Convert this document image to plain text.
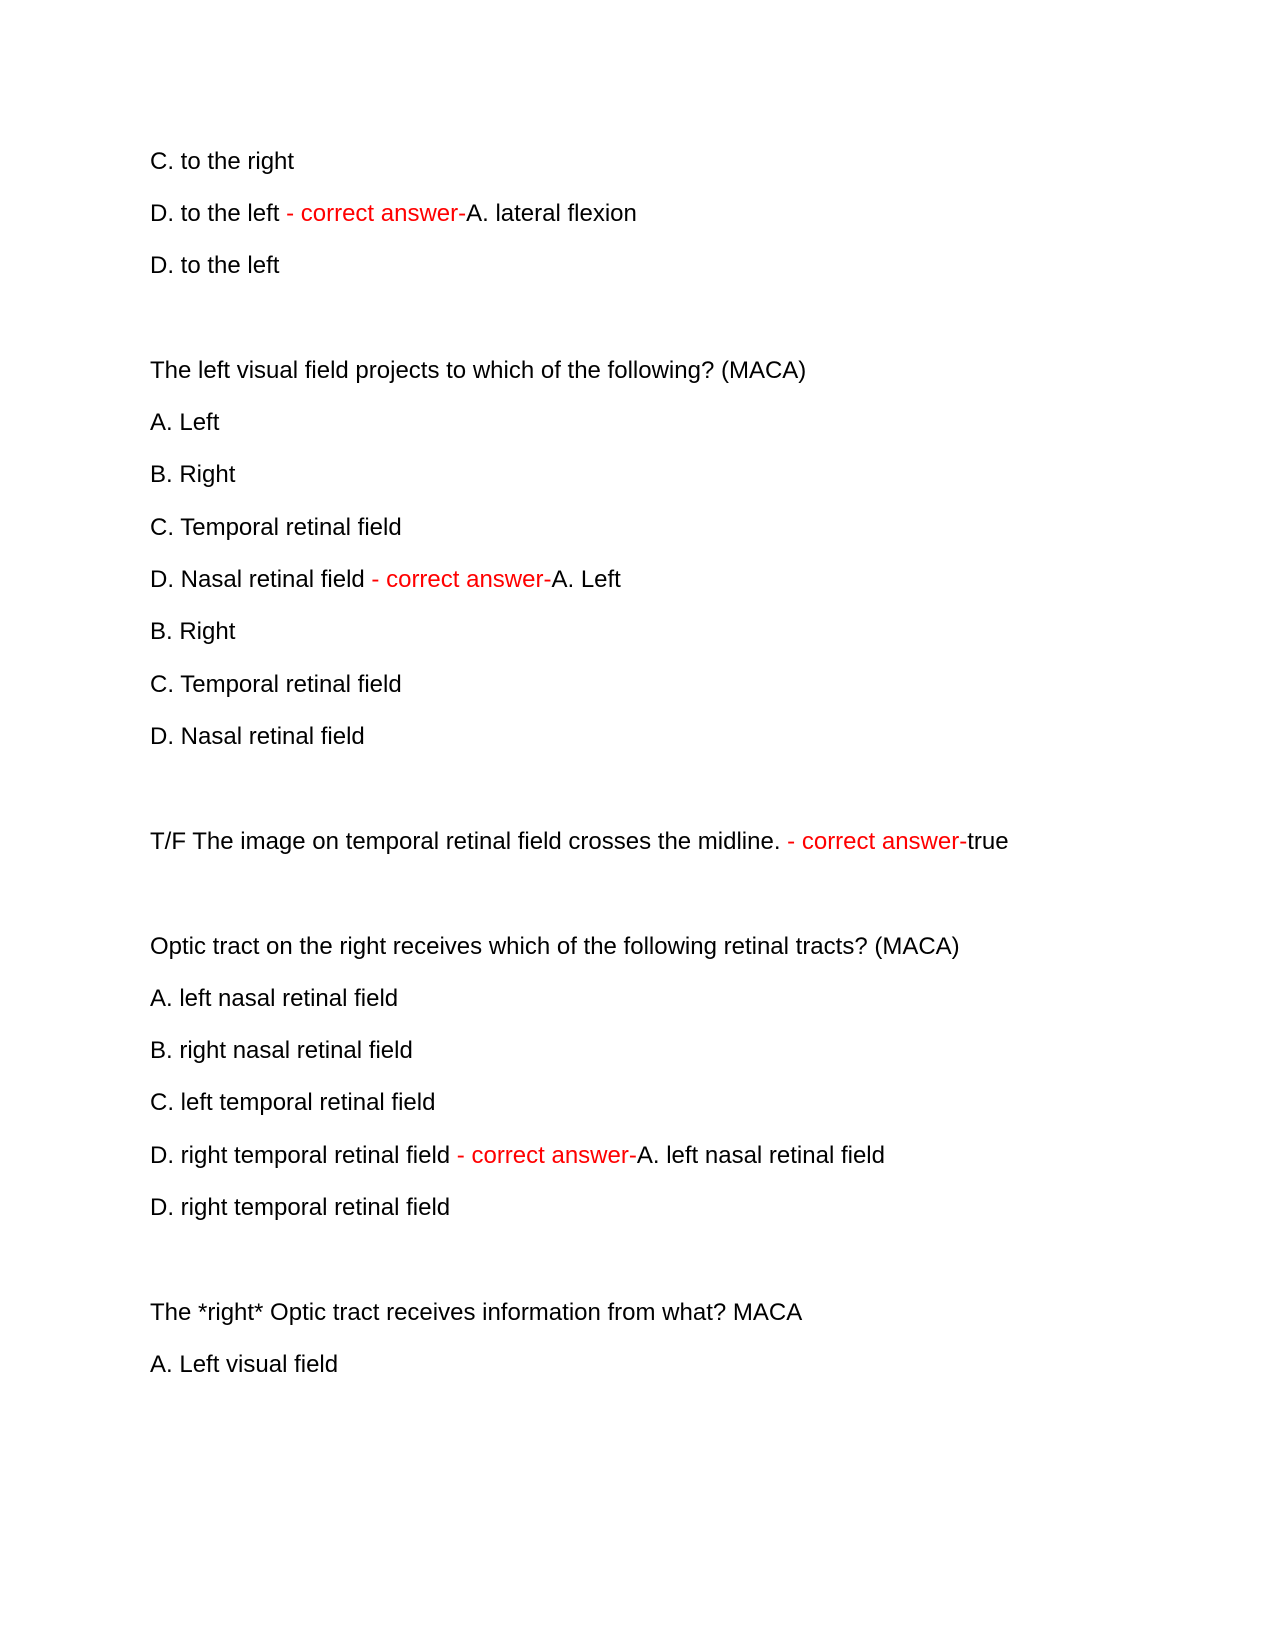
C. to the right
D. to the left - correct answer-A. lateral flexion
D. to the left
The left visual field projects to which of the following? (MACA)
A. Left
B. Right
C. Temporal retinal field
D. Nasal retinal field - correct answer-A. Left
B. Right
C. Temporal retinal field
D. Nasal retinal field
T/F The image on temporal retinal field crosses the midline. - correct answer-true
Optic tract on the right receives which of the following retinal tracts? (MACA)
A. left nasal retinal field
B. right nasal retinal field
C. left temporal retinal field
D. right temporal retinal field - correct answer-A. left nasal retinal field
D. right temporal retinal field
The *right* Optic tract receives information from what? MACA
A. Left visual field
